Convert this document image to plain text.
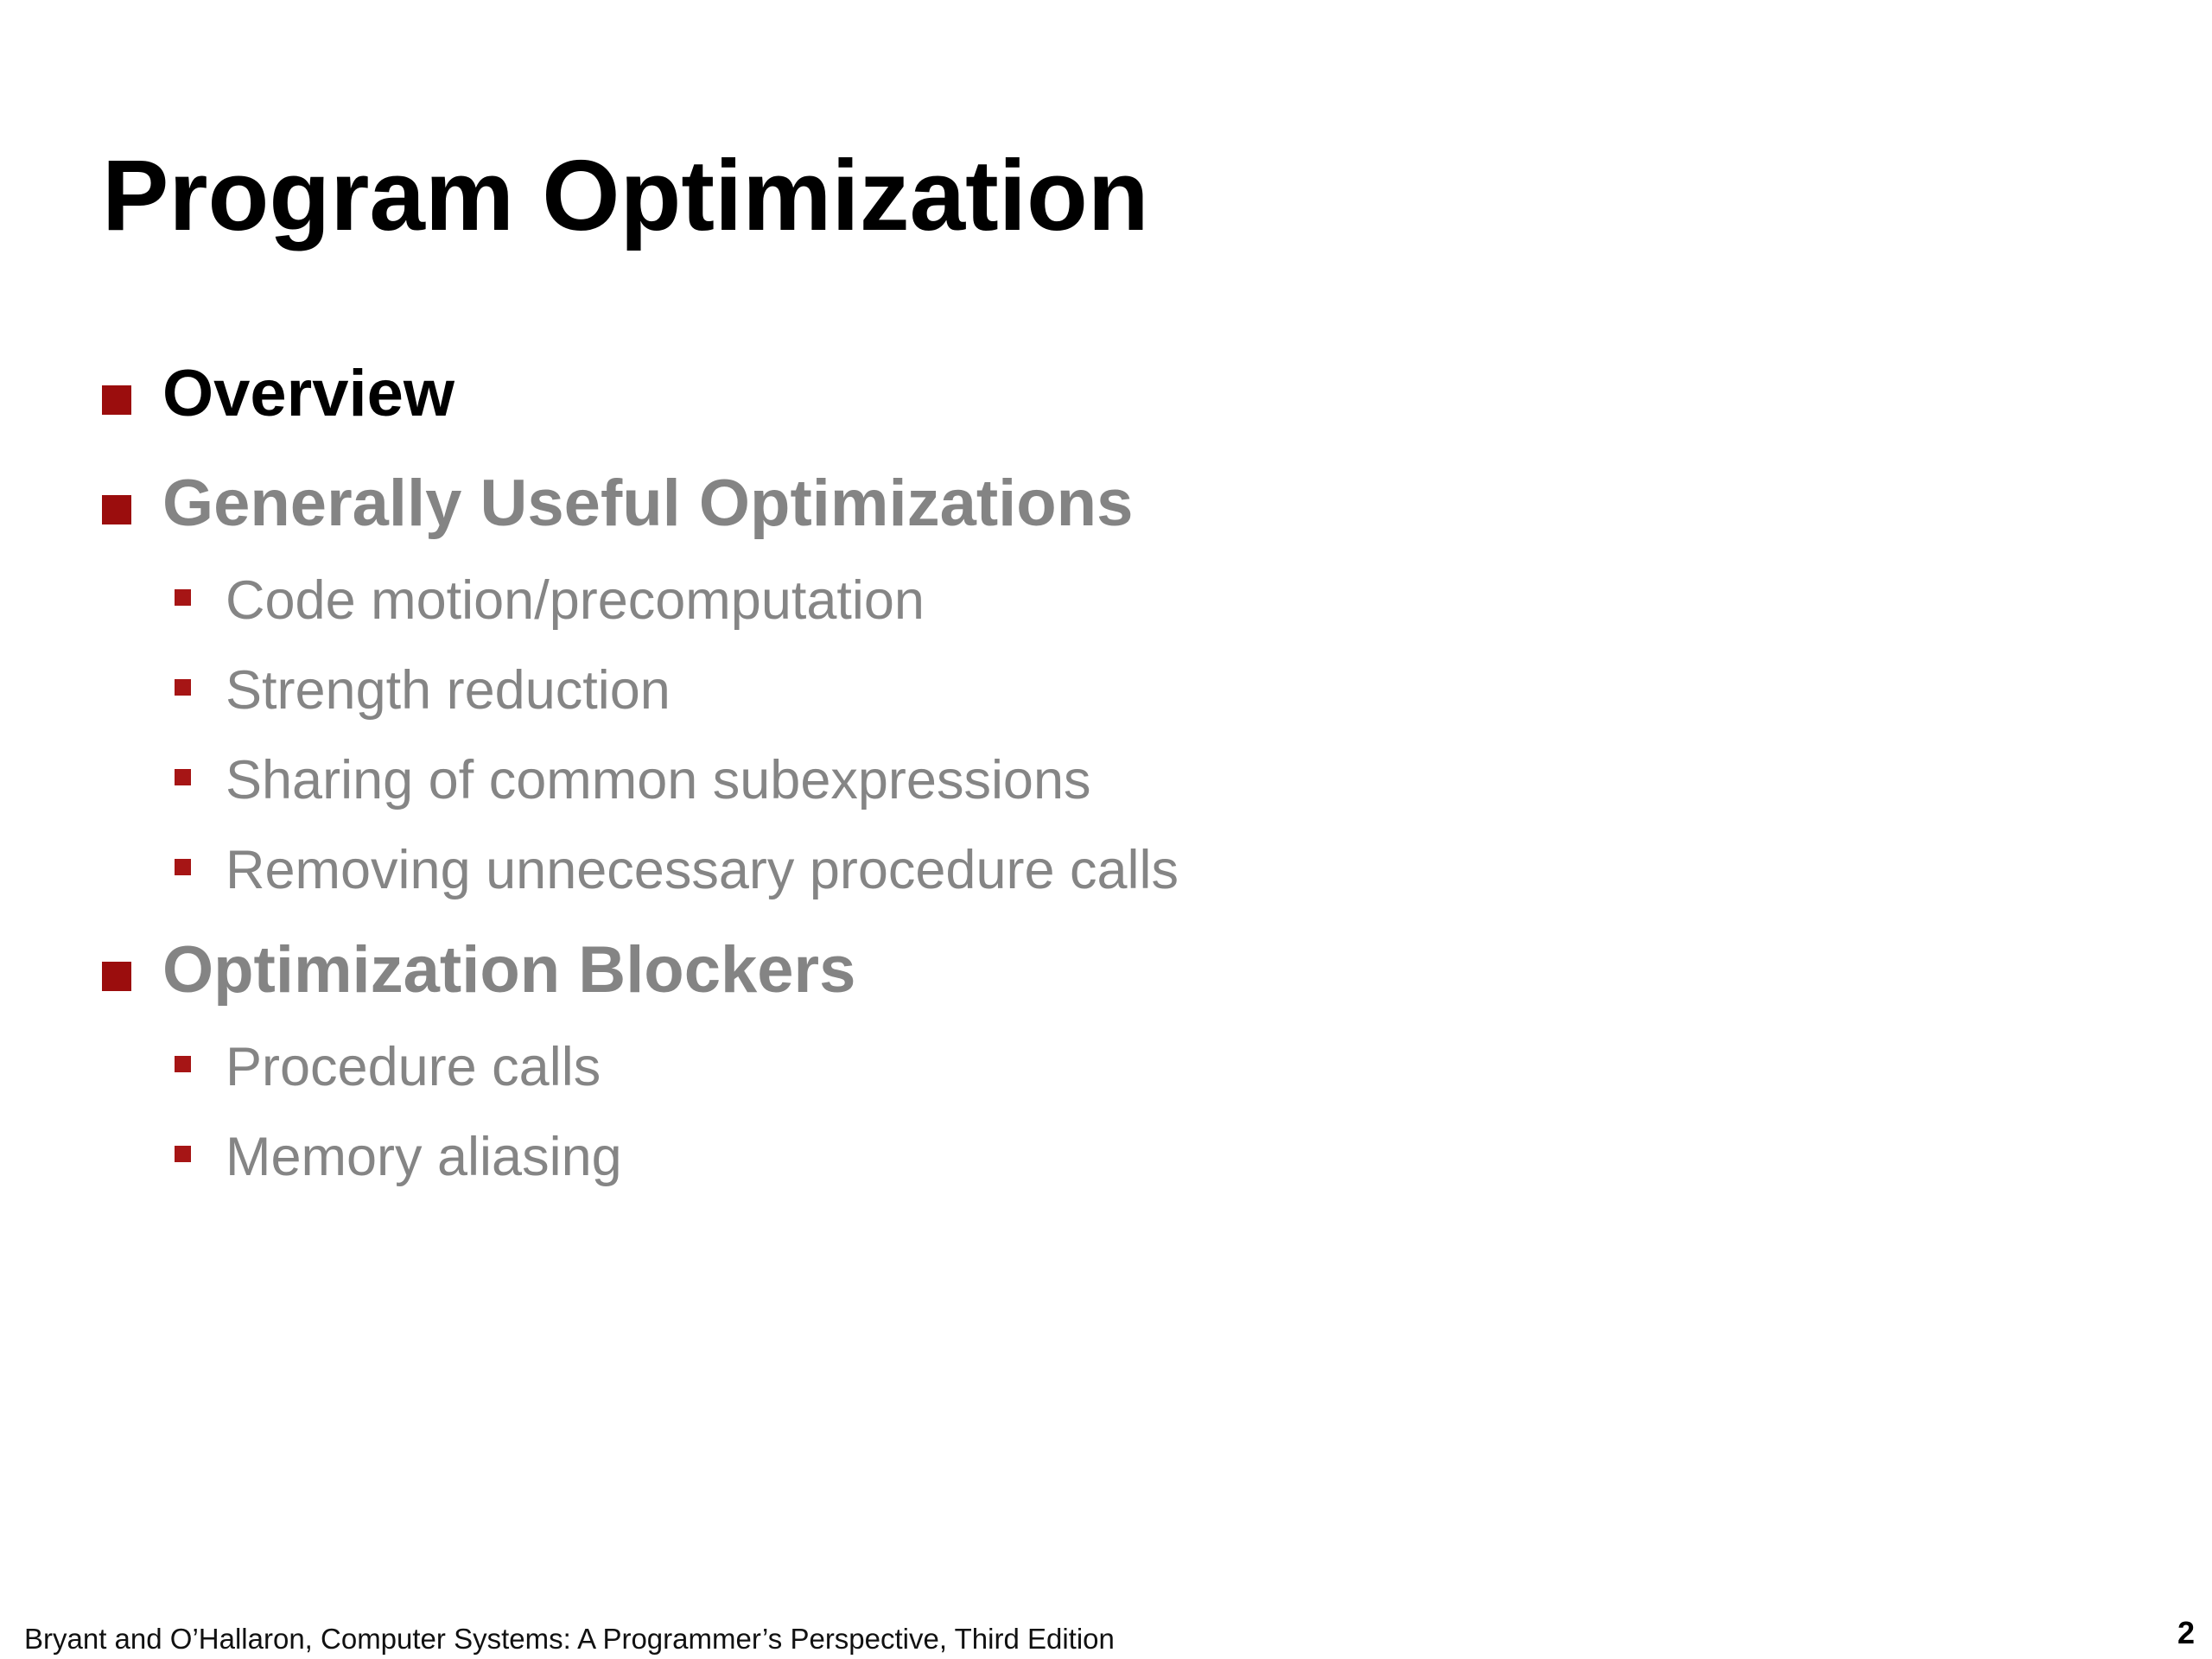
Program Optimization
Overview
Generally Useful Optimizations
Code motion/precomputation
Strength reduction
Sharing of common subexpressions
Removing unnecessary procedure calls
Optimization Blockers
Procedure calls
Memory aliasing
Bryant and O’Hallaron, Computer Systems: A Programmer’s Perspective, Third Edition	2
